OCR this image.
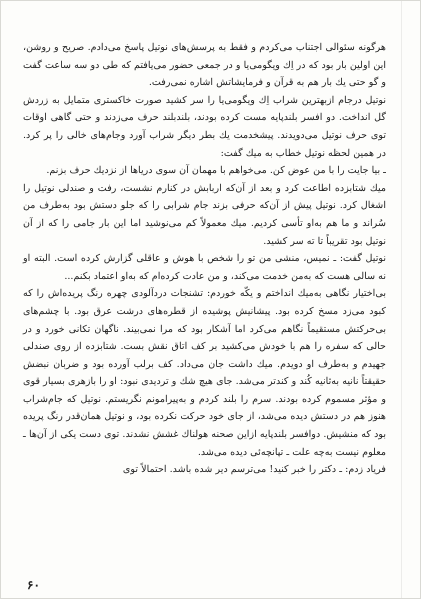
هرگونه سئوالی اجتناب می‌کردم و فقط به پرسش‌های نوتیل پاسخ می‌دادم. صریح و روشن، این اولین بار بود که در اِك ویگومی‌یا و در جمعی حضور می‌یافتم که طی دو سه ساعت گفت و گو حتی یك بار هم به قرآن و فرمایشاتش اشاره نمی‌رفت.

نوتیل درجام ازبهترین شراب اِك ویگومی‌یا را سر کشید صورت خاکستری متمایل به زردش گل انداخت. دو افسر بلندپایه مست کرده بودند، بلندبلند حرف می‌زدند و حتی گاهی اوقات توی حرف نوتیل می‌دویدند. پیشخدمت یك بطر دیگر شراب آورد وجام‌های خالی را پر کرد. در همین لحظه نوتیل خطاب به میك گفت:

ـ بیا جایت را با من عوض کن. می‌خواهم با مهمان آن سوی دریاها از نزدیك حرف بزنم.

میك شتابزده اطاعت کرد و بعد از آن‌که اربابش در کنارم نشست، رفت و صندلی نوتیل را اشغال کرد. نوتیل پیش از آن‌که حرفی بزند جام شرابی را که جلو دستش بود به‌طرف من سُراند و ما هم به‌او تأسی کردیم. میك معمولاً کم می‌نوشید اما این بار جامی را که از آن نوتیل بود تقریباً تا ته سر کشید.

نوتیل گفت: ـ نمیس، منشی من تو را شخص با هوش و عاقلی گزارش کرده است. البته او نه سالی هست که به‌من خدمت می‌کند، و من عادت کرده‌ام که به‌او اعتماد بکنم...

بی‌اختیار نگاهی به‌میك انداختم و یکّه خوردم: تشنجات دردآلودی چهره رنگ پریده‌اش را که کبود می‌زد مسخ کرده بود. پیشانیش پوشیده از قطره‌های درشت عرق بود. با چشم‌های بی‌حرکتش مستقیماً نگاهم می‌کرد اما آشکار بود که مرا نمی‌بیند. ناگهان تکانی خورد و در حالی که سفره را هم با خودش می‌کشید بر کف اتاق نقش بست. شتابزده از روی صندلی جهیدم و به‌طرف او دویدم. میك داشت جان می‌داد. کف برلب آورده بود و ضربان نبضش حقیقتاً نا‌نیه به‌ثانیه کُند و کندتر می‌شد. جای هیچ شك و تردیدی نبود: او را بازهری بسیار قوی و مؤثر مسموم کرده بودند. سرم را بلند کردم و به‌پیرامونم نگریستم. نوتیل که جام‌شراب هنوز هم در دستش دیده می‌شد، از جای خود حرکت نکرده بود، و نوتیل همان‌قدر رنگ پریده بود که منشیش. دوافسر بلندپایه ازاین صحنه هولناك غشش نشدند. توی دست یکی از آن‌ها ـ معلوم نیست به‌چه علت ـ تپانچه‌ئی دیده می‌شد.

فریاد زدم: ـ دکتر را خبر کنید! می‌ترسم دیر شده باشد. احتمالاً توی

۶۰
